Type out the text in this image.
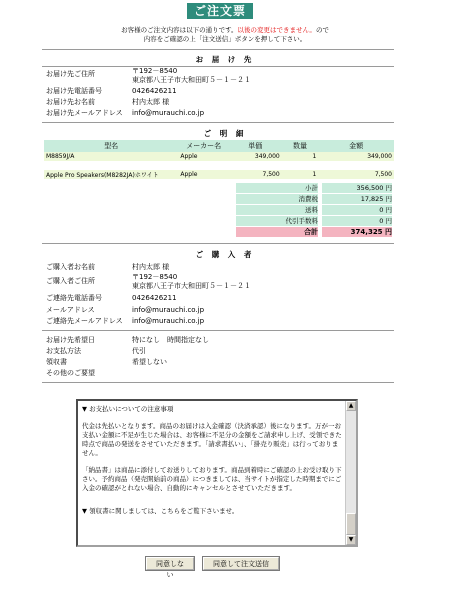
ご注文票
お客様のご注文内容は以下の通りです。以後の変更はできません。ので
内容をご確認の上「注文送信」ボタンを押して下さい。
お 届 け 先
お届け先ご住所	〒192－8540
東京都八王子市大和田町５－１－２１
お届け先電話番号	0426426211
お届け先お名前	村内太郎 様
お届け先メールアドレス info@murauchi.co.jp
ご 明 細
型名	メーカー名	単価	数量	金額
M8859J/A	Apple	349,000	1	349,000

Apple Pro Speakers(M8282JA)ホワイト	Apple	7,500	1	7,500
小計	356,500 円
消費税	17,825 円
送料	0 円
代引手数料	0 円
合計	374,325 円
ご 購 入 者
ご購入者お名前	村内太郎 様
ご購入者ご住所	〒192－8540
東京都八王子市大和田町５－１－２１
ご連絡先電話番号	0426426211
メールアドレス	info@murauchi.co.jp
ご連絡先メールアドレス info@murauchi.co.jp
お届け先希望日	特になし　時間指定なし
お支払方法	代引
領収書	希望しない
その他のご要望

▼ お支払いについての注意事項

代金は先払いとなります。商品のお届けは入金確認（決済承認）後になります。万が一お支払い金額に不足が生じた場合は、お客様に不足分の金額をご請求申し上げ、受領できた時点で商品の発送をさせていただきます。「請求書払い」、「掛売り販売」は行っておりません。

「納品書」は商品に添付してお送りしております。商品到着時にご確認の上お受け取り下さい。予約商品（発売開始前の商品）につきましては、当サイトが指定した時期までにご入金の確認がとれない場合、自動的にキャンセルとさせていただきます。

▼ 領収書に関しましては、こちらをご覧下さいませ。

▲
▼
同意しない
同意して注文送信
